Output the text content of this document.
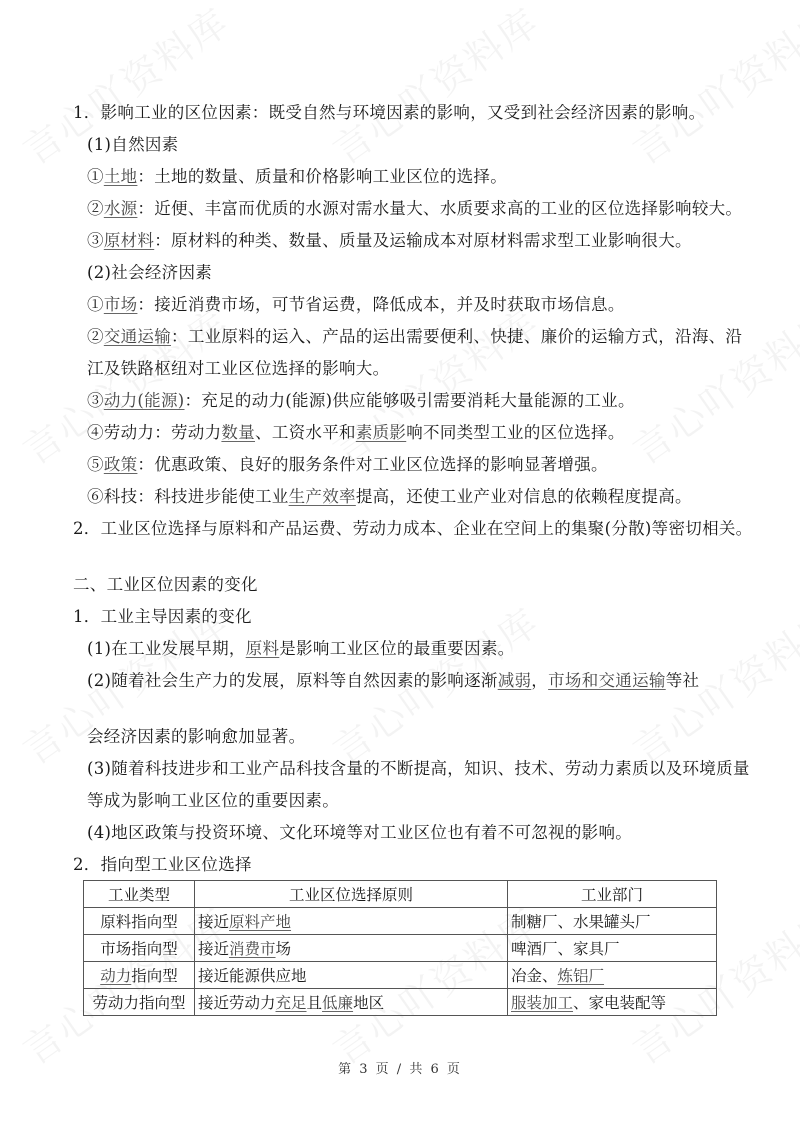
1．影响工业的区位因素：既受自然与环境因素的影响，又受到社会经济因素的影响。
(1)自然因素
①土地：土地的数量、质量和价格影响工业区位的选择。
②水源：近便、丰富而优质的水源对需水量大、水质要求高的工业的区位选择影响较大。
③原材料：原材料的种类、数量、质量及运输成本对原材料需求型工业影响很大。
(2)社会经济因素
①市场：接近消费市场，可节省运费，降低成本，并及时获取市场信息。
②交通运输：工业原料的运入、产品的运出需要便利、快捷、廉价的运输方式，沿海、沿
江及铁路枢纽对工业区位选择的影响大。
③动力(能源)：充足的动力(能源)供应能够吸引需要消耗大量能源的工业。
④劳动力：劳动力数量、工资水平和素质影响不同类型工业的区位选择。
⑤政策：优惠政策、良好的服务条件对工业区位选择的影响显著增强。
⑥科技：科技进步能使工业生产效率提高，还使工业产业对信息的依赖程度提高。
2．工业区位选择与原料和产品运费、劳动力成本、企业在空间上的集聚(分散)等密切相关。
二、工业区位因素的变化
1．工业主导因素的变化
(1)在工业发展早期，原料是影响工业区位的最重要因素。
(2)随着社会生产力的发展，原料等自然因素的影响逐渐减弱，市场和交通运输等社
会经济因素的影响愈加显著。
(3)随着科技进步和工业产品科技含量的不断提高，知识、技术、劳动力素质以及环境质量
等成为影响工业区位的重要因素。
(4)地区政策与投资环境、文化环境等对工业区位也有着不可忽视的影响。
2．指向型工业区位选择
工业类型	工业区位选择原则	工业部门
原料指向型	接近原料产地	制糖厂、水果罐头厂
市场指向型	接近消费市场	啤酒厂、家具厂
动力指向型	接近能源供应地	冶金、炼铝厂
劳动力指向型	接近劳动力充足且低廉地区	服装加工、家电装配等
第 3 页 / 共 6 页
